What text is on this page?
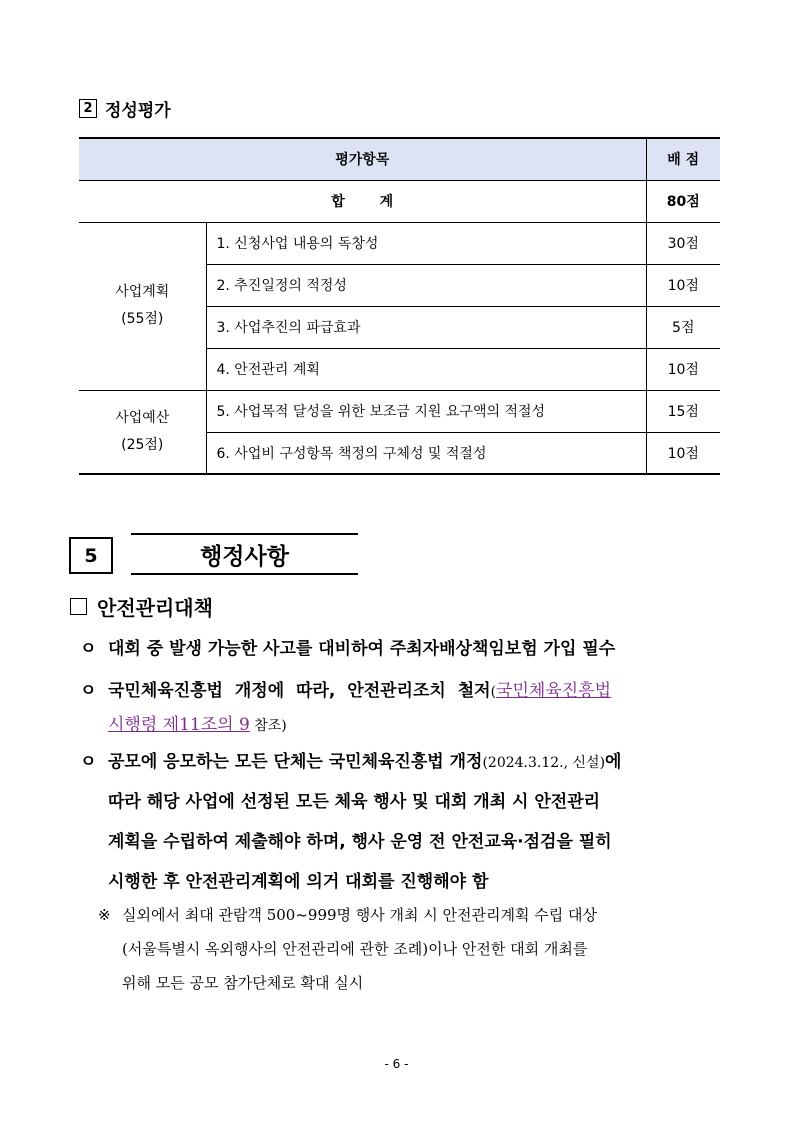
2 정성평가
평가항목		배 점
합 계		80점

사업계획
(55점)	1. 신청사업 내용의 독창성	30점
	2. 추진일정의 적정성	10점
	3. 사업추진의 파급효과	5점
	4. 안전관리 계획	10점

사업예산
(25점)	5. 사업목적 달성을 위한 보조금 지원 요구액의 적절성	15점
	6. 사업비 구성항목 책정의 구체성 및 적절성	10점
5	행정사항
안전관리대책
ㅇ 대회 중 발생 가능한 사고를 대비하여 주최자배상책임보험 가입 필수
ㅇ 국민체육진흥법 개정에 따라, 안전관리조치 철저(국민체육진흥법
시행령 제11조의 9 참조)
ㅇ 공모에 응모하는 모든 단체는 국민체육진흥법 개정(2024.3.12., 신설)에
따라 해당 사업에 선정된 모든 체육 행사 및 대회 개최 시 안전관리
계획을 수립하여 제출해야 하며, 행사 운영 전 안전교육·점검을 필히
시행한 후 안전관리계획에 의거 대회를 진행해야 함
※ 실외에서 최대 관람객 500~999명 행사 개최 시 안전관리계획 수립 대상
(서울특별시 옥외행사의 안전관리에 관한 조례)이나 안전한 대회 개최를
위해 모든 공모 참가단체로 확대 실시
- 6 -
